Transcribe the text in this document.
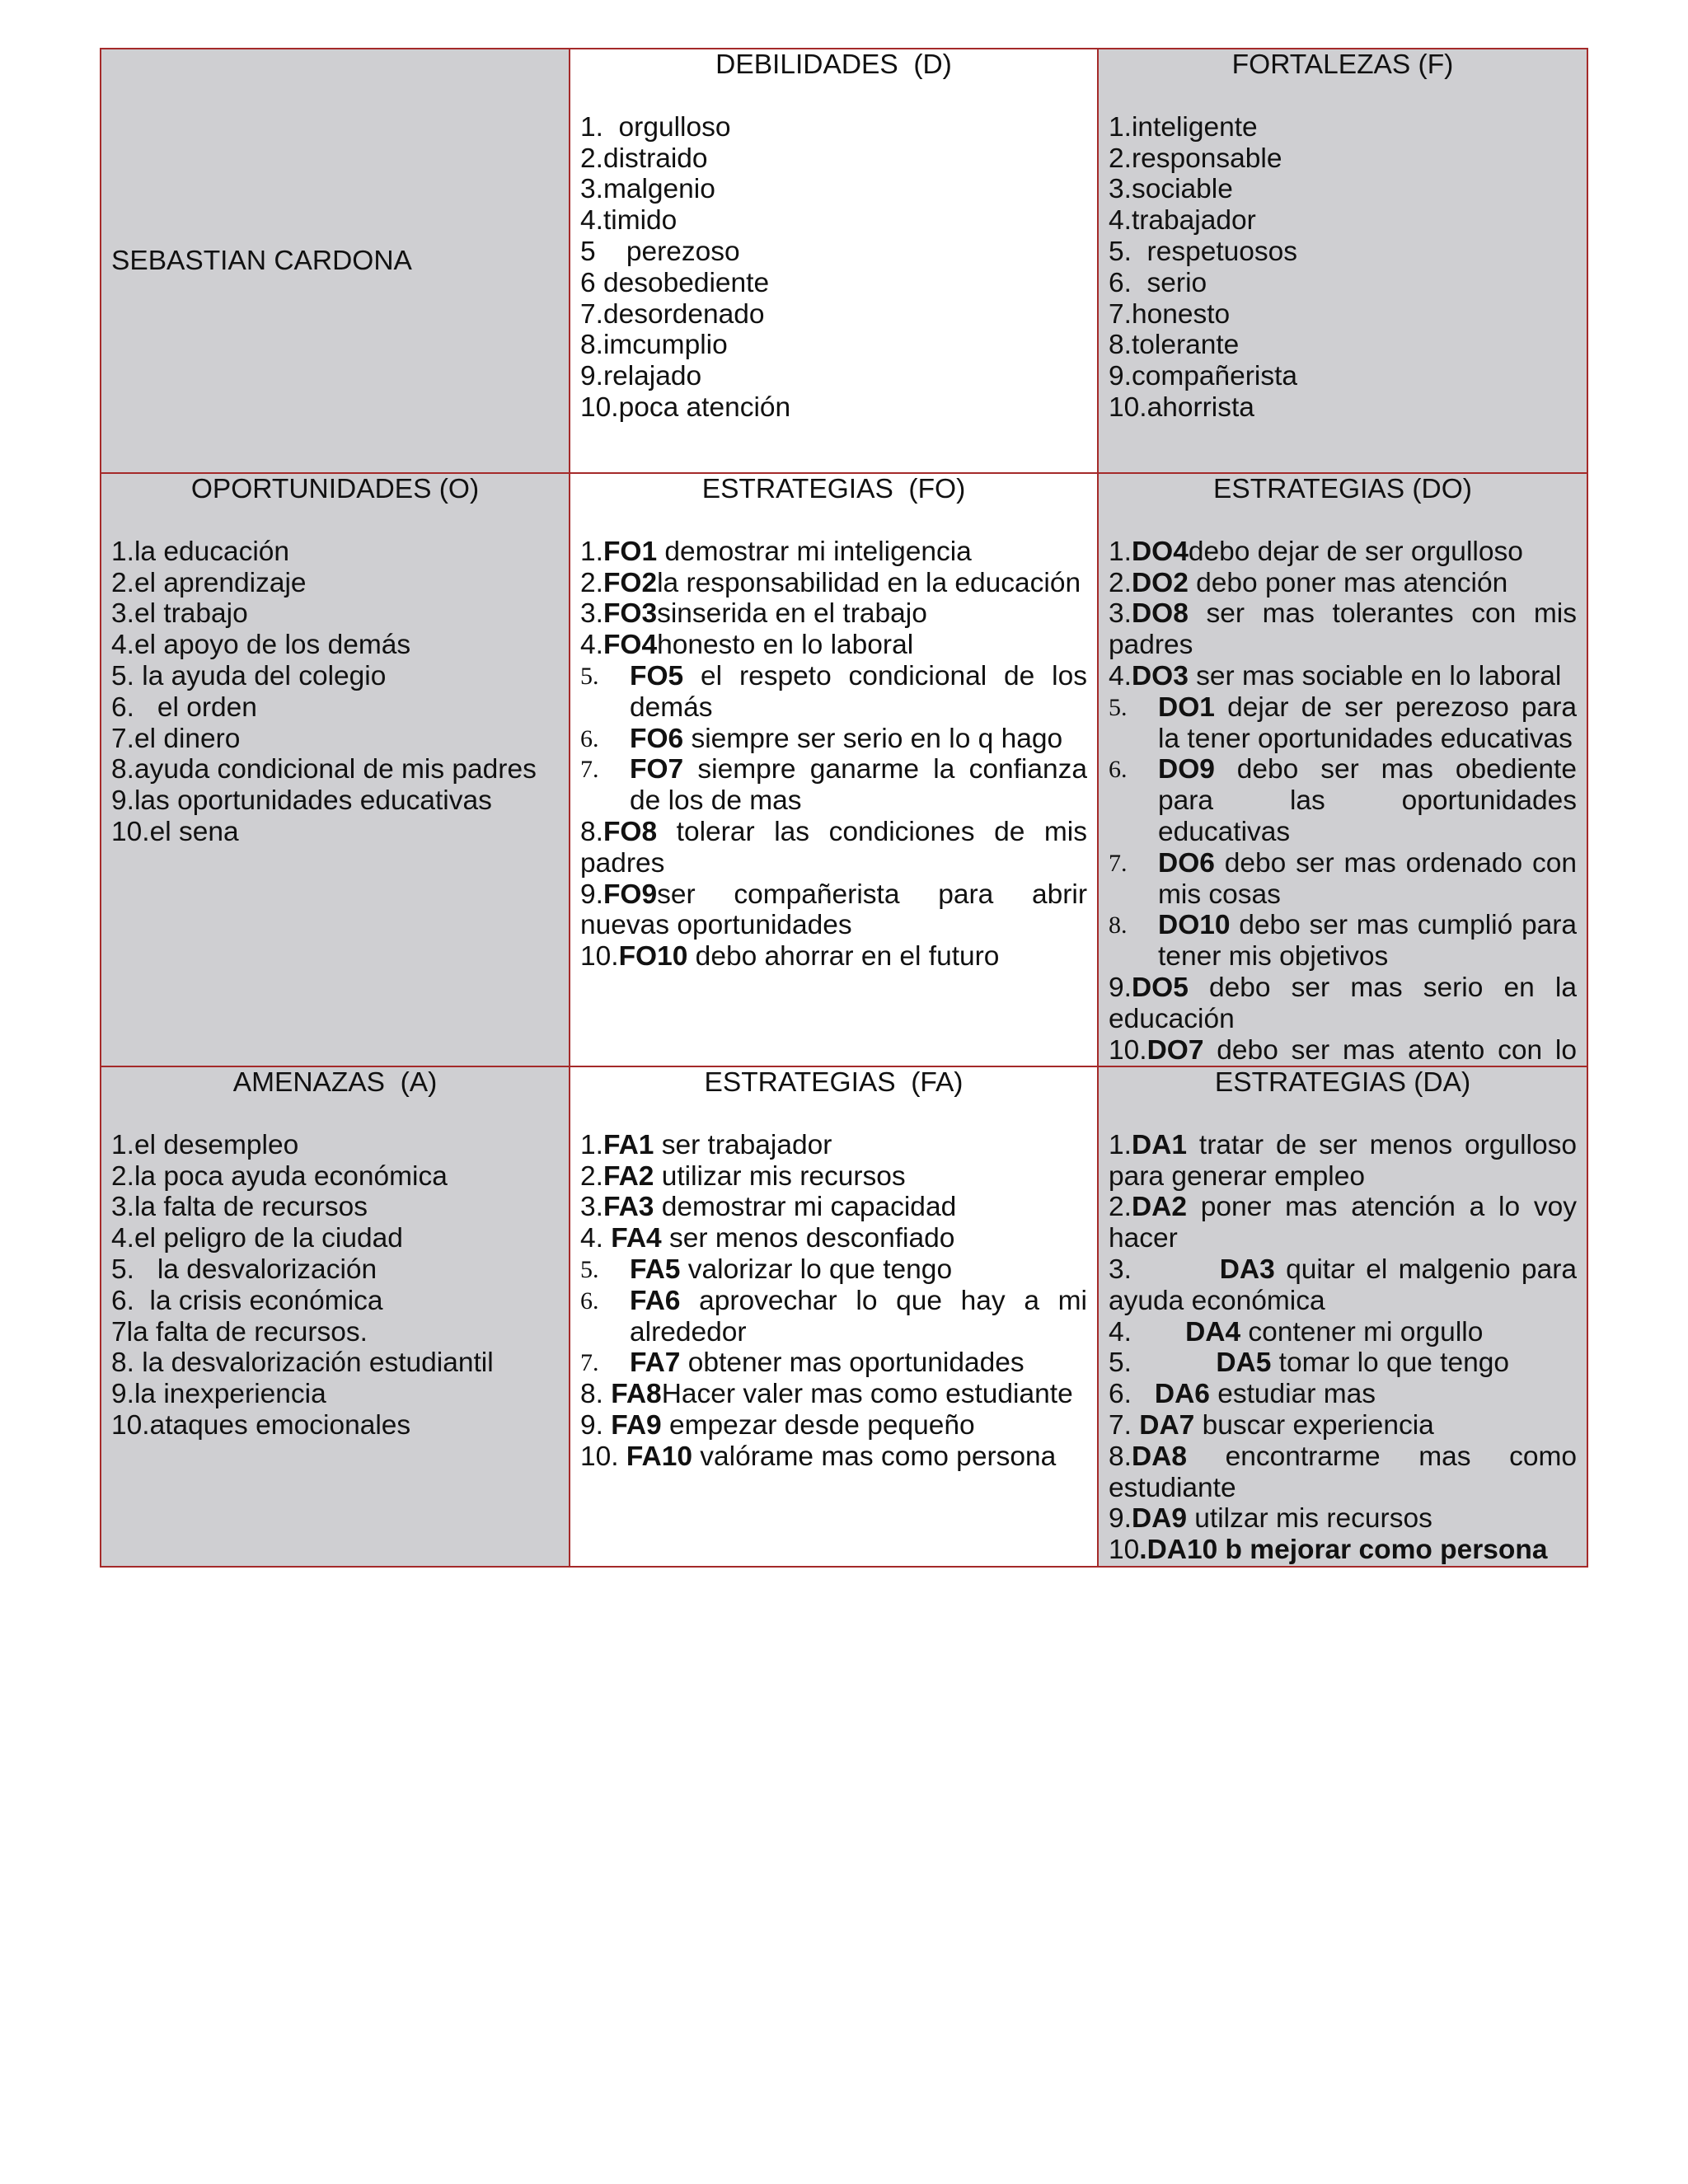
SEBASTIAN CARDONA
DEBILIDADES  (D)
1.  orgulloso
2.distraido
3.malgenio
4.timido
5    perezoso
6 desobediente
7.desordenado
8.imcumplio
9.relajado
10.poca atención
FORTALEZAS (F)
1.inteligente
2.responsable
3.sociable
4.trabajador
5.  respetuosos
6.  serio
7.honesto
8.tolerante
9.compañerista
10.ahorrista
OPORTUNIDADES (O)
1.la educación
2.el aprendizaje
3.el trabajo
4.el apoyo de los demás
5. la ayuda del colegio
6.   el orden
7.el dinero
8.ayuda condicional de mis padres
9.las oportunidades educativas
10.el sena
ESTRATEGIAS  (FO)
1.FO1 demostrar mi inteligencia
2.FO2la responsabilidad en la educación
3.FO3sinserida en el trabajo
4.FO4honesto en lo laboral
5. FO5 el respeto condicional de los demás
6. FO6 siempre ser serio en lo q hago
7. FO7 siempre ganarme la confianza de los de mas
8.FO8 tolerar las condiciones de mis padres
9.FO9ser compañerista para abrir nuevas oportunidades
10.FO10 debo ahorrar en el futuro
ESTRATEGIAS (DO)
1.DO4debo dejar de ser orgulloso
2.DO2 debo poner mas atención
3.DO8 ser mas tolerantes con mis padres
4.DO3 ser mas sociable en lo laboral
5. DO1 dejar de ser perezoso para la tener oportunidades educativas
6. DO9 debo ser mas obediente para las oportunidades educativas
7. DO6 debo ser mas ordenado con mis cosas
8. DO10 debo ser mas cumplió para tener mis objetivos
9.DO5 debo ser mas serio en la educación
10.DO7 debo ser mas atento con lo
AMENAZAS  (A)
1.el desempleo
2.la poca ayuda económica
3.la falta de recursos
4.el peligro de la ciudad
5.   la desvalorización
6.  la crisis económica
7la falta de recursos.
8. la desvalorización estudiantil
9.la inexperiencia
10.ataques emocionales
ESTRATEGIAS  (FA)
1.FA1 ser trabajador
2.FA2 utilizar mis recursos
3.FA3 demostrar mi capacidad
4. FA4 ser menos desconfiado
5. FA5 valorizar lo que tengo
6. FA6 aprovechar lo que hay a mi alrededor
7. FA7 obtener mas oportunidades
8. FA8Hacer valer mas como estudiante
9. FA9 empezar desde pequeño
10. FA10 valórame mas como persona
ESTRATEGIAS (DA)
1.DA1 tratar de ser menos orgulloso para generar empleo
2.DA2 poner mas atención a lo voy hacer
3.        DA3 quitar el malgenio para ayuda económica
4.       DA4 contener mi orgullo
5.           DA5 tomar lo que tengo
6.   DA6 estudiar mas
7. DA7 buscar experiencia
8.DA8 encontrarme mas como estudiante
9.DA9 utilzar mis recursos
10.DA10 b mejorar como persona
